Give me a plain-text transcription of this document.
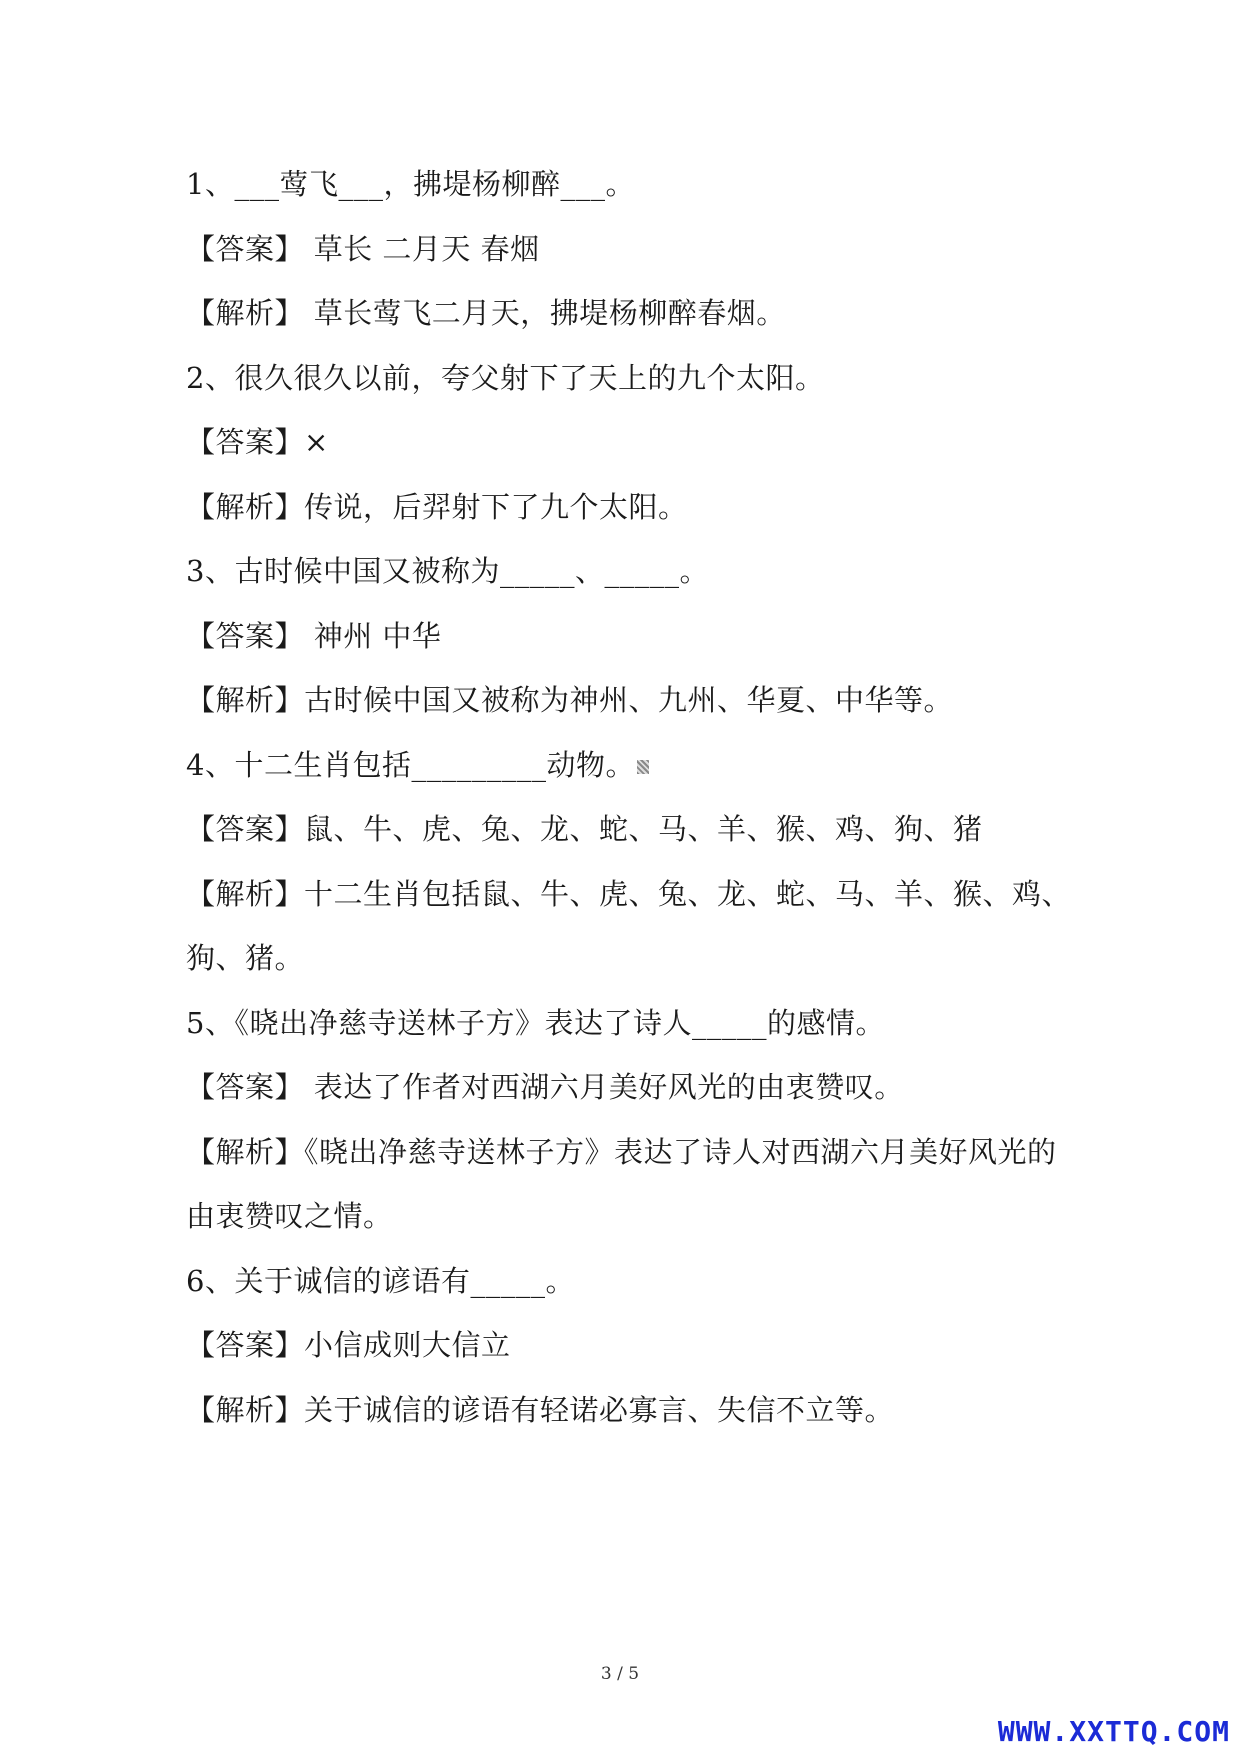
1、___莺飞___，拂堤杨柳醉___。
【答案】 草长 二月天 春烟
【解析】 草长莺飞二月天，拂堤杨柳醉春烟。
2、很久很久以前，夸父射下了天上的九个太阳。
【答案】×
【解析】传说，后羿射下了九个太阳。
3、古时候中国又被称为_____、_____。
【答案】 神州 中华
【解析】古时候中国又被称为神州、九州、华夏、中华等。
4、十二生肖包括_________动物。
【答案】鼠、牛、虎、兔、龙、蛇、马、羊、猴、鸡、狗、猪
【解析】十二生肖包括鼠、牛、虎、兔、龙、蛇、马、羊、猴、鸡、
狗、猪。
5、《晓出净慈寺送林子方》表达了诗人_____的感情。
【答案】 表达了作者对西湖六月美好风光的由衷赞叹。
【解析】《晓出净慈寺送林子方》表达了诗人对西湖六月美好风光的
由衷赞叹之情。
6、关于诚信的谚语有_____。
【答案】小信成则大信立
【解析】关于诚信的谚语有轻诺必寡言、失信不立等。
3 / 5
WWW.XXTTQ.COM
